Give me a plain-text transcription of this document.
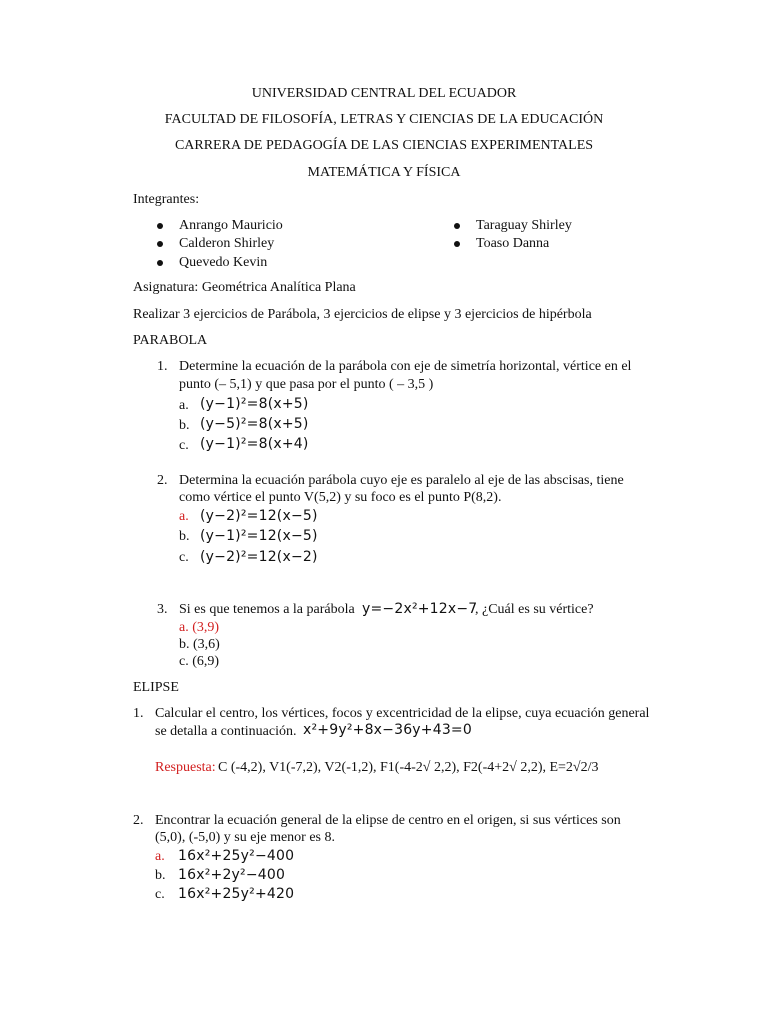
UNIVERSIDAD CENTRAL DEL ECUADOR
FACULTAD DE FILOSOFÍA, LETRAS Y CIENCIAS DE LA EDUCACIÓN
CARRERA DE PEDAGOGÍA DE LAS CIENCIAS EXPERIMENTALES
MATEMÁTICA Y FÍSICA
Integrantes:
Anrango Mauricio
Calderon Shirley
Quevedo Kevin
Taraguay Shirley
Toaso Danna
Asignatura: Geométrica Analítica Plana
Realizar 3 ejercicios de Parábola, 3 ejercicios de elipse y 3 ejercicios de hipérbola
PARABOLA
1. Determine la ecuación de la parábola con eje de simetría horizontal, vértice en el
punto (– 5,1) y que pasa por el punto ( – 3,5 )
a. (y−1)²=8(x+5)
b. (y−5)²=8(x+5)
c. (y−1)²=8(x+4)
2. Determina la ecuación parábola cuyo eje es paralelo al eje de las abscisas, tiene
como vértice el punto V(5,2) y su foco es el punto P(8,2).
a. (y−2)²=12(x−5)
b. (y−1)²=12(x−5)
c. (y−2)²=12(x−2)
3. Si es que tenemos a la parábola y=−2x²+12x−7
, ¿Cuál es su vértice?
a. (3,9)
b. (3,6)
c. (6,9)
ELIPSE
1. Calcular el centro, los vértices, focos y excentricidad de la elipse, cuya ecuación general
se detalla a continuación. x²+9y²+8x−36y+43=0
Respuesta: C (-4,2), V1(-7,2), V2(-1,2), F1(-4-2√ 2,2), F2(-4+2√ 2,2), E=2√2/3
2. Encontrar la ecuación general de la elipse de centro en el origen, si sus vértices son
(5,0), (-5,0) y su eje menor es 8.
a. 16x²+25y²−400
b. 16x²+2y²−400
c. 16x²+25y²+420
